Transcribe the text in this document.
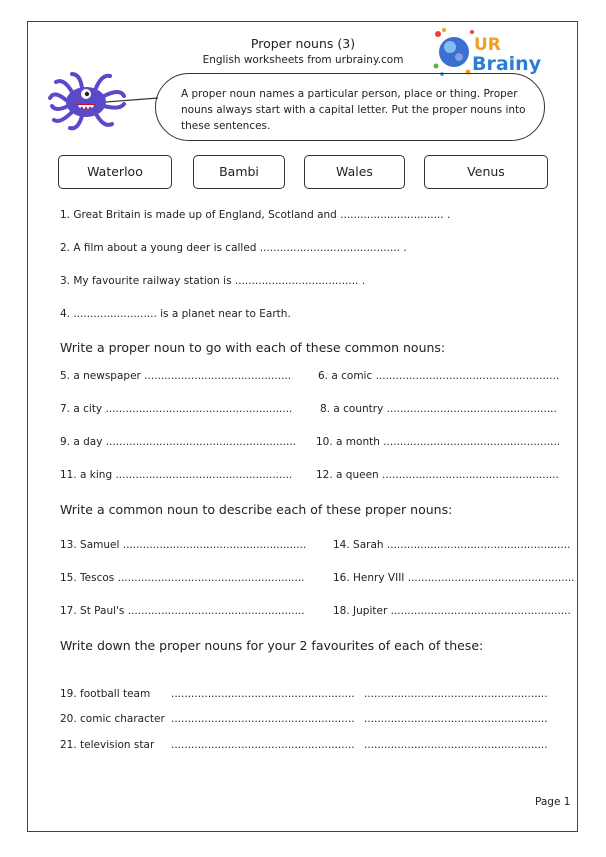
Proper nouns (3)
English worksheets from urbrainy.com
UR
Brainy
A proper noun names a particular person, place or thing. Proper
nouns always start with a capital letter. Put the proper nouns into
these sentences.
Waterloo	Bambi	Wales	Venus
1. Great Britain is made up of England, Scotland and ............................... .
2. A film about a young deer is called .......................................... .
3. My favourite railway station is ..................................... .
4. ......................... is a planet near to Earth.
Write a proper noun to go with each of these common nouns:
5. a newspaper ............................................	6. a comic .......................................................
7. a city ........................................................	8. a country ...................................................
9. a day ......................................................... 10. a month .....................................................
11. a king ..................................................... 12. a queen .....................................................
Write a common noun to describe each of these proper nouns:
13. Samuel .......................................................	14. Sarah .......................................................
15. Tescos ........................................................	16. Henry VIII ..................................................
17. St Paul's .....................................................	18. Jupiter ......................................................
Write down the proper nouns for your 2 favourites of each of these:
19. football team ....................................................... .......................................................
20. comic character ....................................................... .......................................................
21. television star ....................................................... .......................................................
Page 1
